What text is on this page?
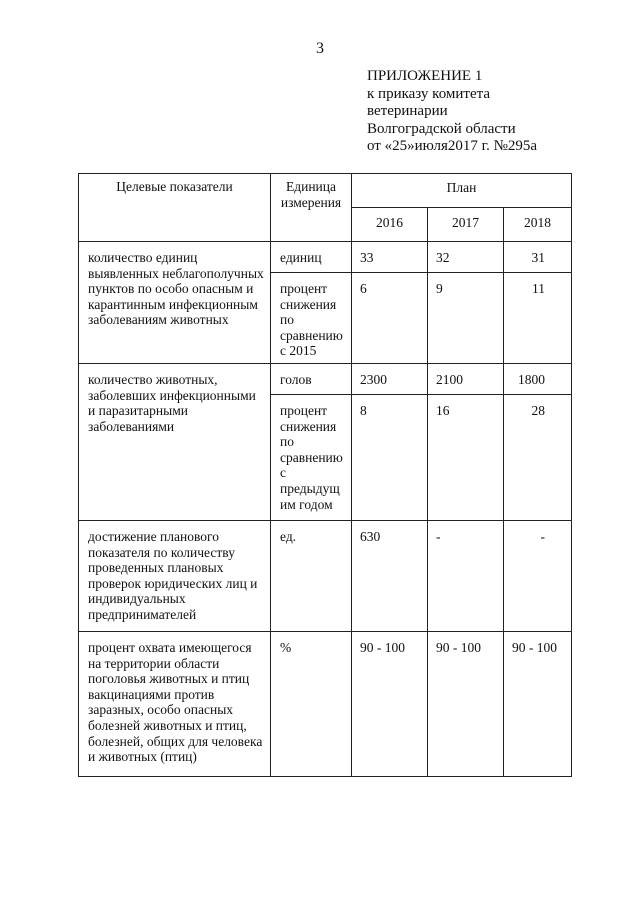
3
ПРИЛОЖЕНИЕ 1
к приказу комитета
ветеринарии
Волгоградской области
от «25»июля2017 г. №295а
Целевые показатели	Единица измерения	План		
		2016	2017	2018
количество единиц выявленных неблагополучных пунктов по особо опасным и карантинным инфекционным заболеваниям животных	единиц	33	32	31
	процент снижения по сравнению с 2015	6	9	11
количество животных, заболевших инфекционными и паразитарными заболеваниями	голов	2300	2100	1800
	процент снижения по сравнению с предыдущ им годом	8	16	28
достижение планового показателя по количеству проведенных плановых проверок юридических лиц и индивидуальных предпринимателей	ед.	630	-	-
процент охвата имеющегося на территории области поголовья животных и птиц вакцинациями против заразных, особо опасных болезней животных и птиц, болезней, общих для человека и животных (птиц)	%	90 - 100	90 - 100	90 - 100
